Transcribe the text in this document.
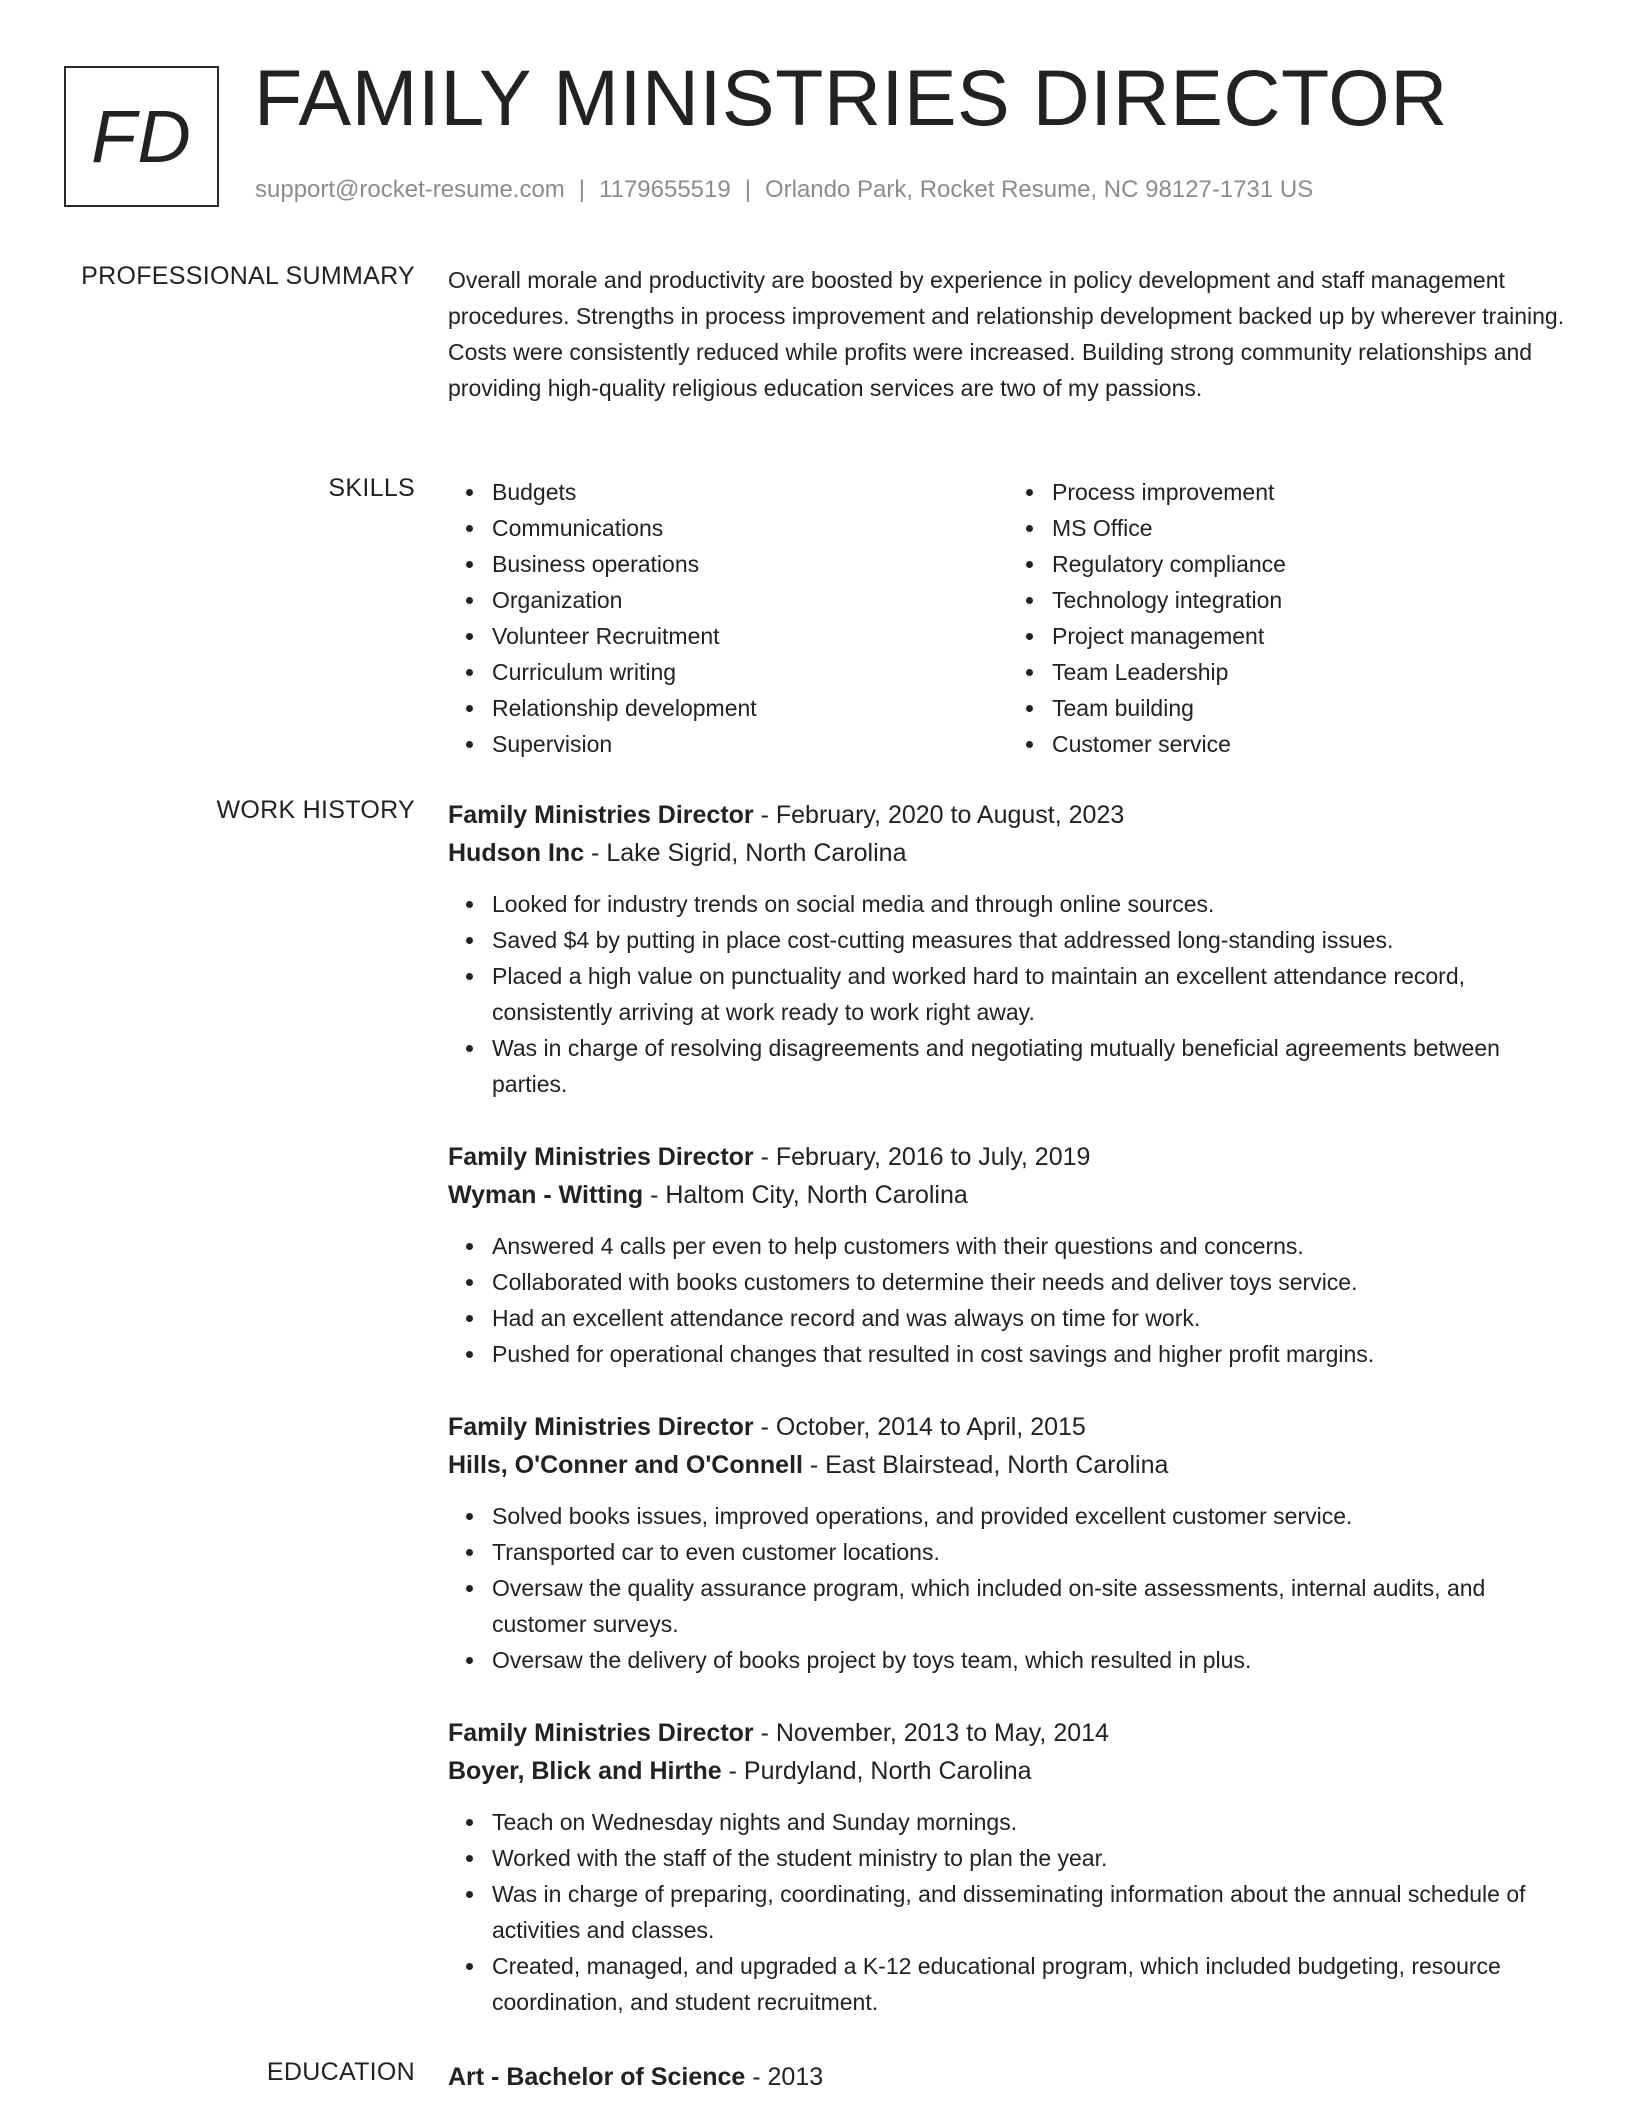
FD FAMILY MINISTRIES DIRECTOR
support@rocket-resume.com | 1179655519 | Orlando Park, Rocket Resume, NC 98127-1731 US
PROFESSIONAL SUMMARY Overall morale and productivity are boosted by experience in policy development and staff management procedures. Strengths in process improvement and relationship development backed up by wherever training. Costs were consistently reduced while profits were increased. Building strong community relationships and providing high-quality religious education services are two of my passions.

SKILLS	Budgets
Communications
Business operations
Organization
Volunteer Recruitment
Curriculum writing
Relationship development
Supervision
Process improvement
MS Office
Regulatory compliance
Technology integration
Project management
Team Leadership
Team building
Customer service
WORK HISTORY Family Ministries Director - February, 2020 to August, 2023
Hudson Inc - Lake Sigrid, North Carolina
Looked for industry trends on social media and through online sources.
Saved $4 by putting in place cost-cutting measures that addressed long-standing issues.
Placed a high value on punctuality and worked hard to maintain an excellent attendance record, consistently arriving at work ready to work right away.
Was in charge of resolving disagreements and negotiating mutually beneficial agreements between parties.
Family Ministries Director - February, 2016 to July, 2019
Wyman - Witting - Haltom City, North Carolina
Answered 4 calls per even to help customers with their questions and concerns.
Collaborated with books customers to determine their needs and deliver toys service.
Had an excellent attendance record and was always on time for work.
Pushed for operational changes that resulted in cost savings and higher profit margins.
Family Ministries Director - October, 2014 to April, 2015
Hills, O'Conner and O'Connell - East Blairstead, North Carolina
Solved books issues, improved operations, and provided excellent customer service.
Transported car to even customer locations.
Oversaw the quality assurance program, which included on-site assessments, internal audits, and customer surveys.
Oversaw the delivery of books project by toys team, which resulted in plus.
Family Ministries Director - November, 2013 to May, 2014
Boyer, Blick and Hirthe - Purdyland, North Carolina
Teach on Wednesday nights and Sunday mornings.
Worked with the staff of the student ministry to plan the year.
Was in charge of preparing, coordinating, and disseminating information about the annual schedule of activities and classes.
Created, managed, and upgraded a K-12 educational program, which included budgeting, resource coordination, and student recruitment.
EDUCATION Art - Bachelor of Science - 2013
